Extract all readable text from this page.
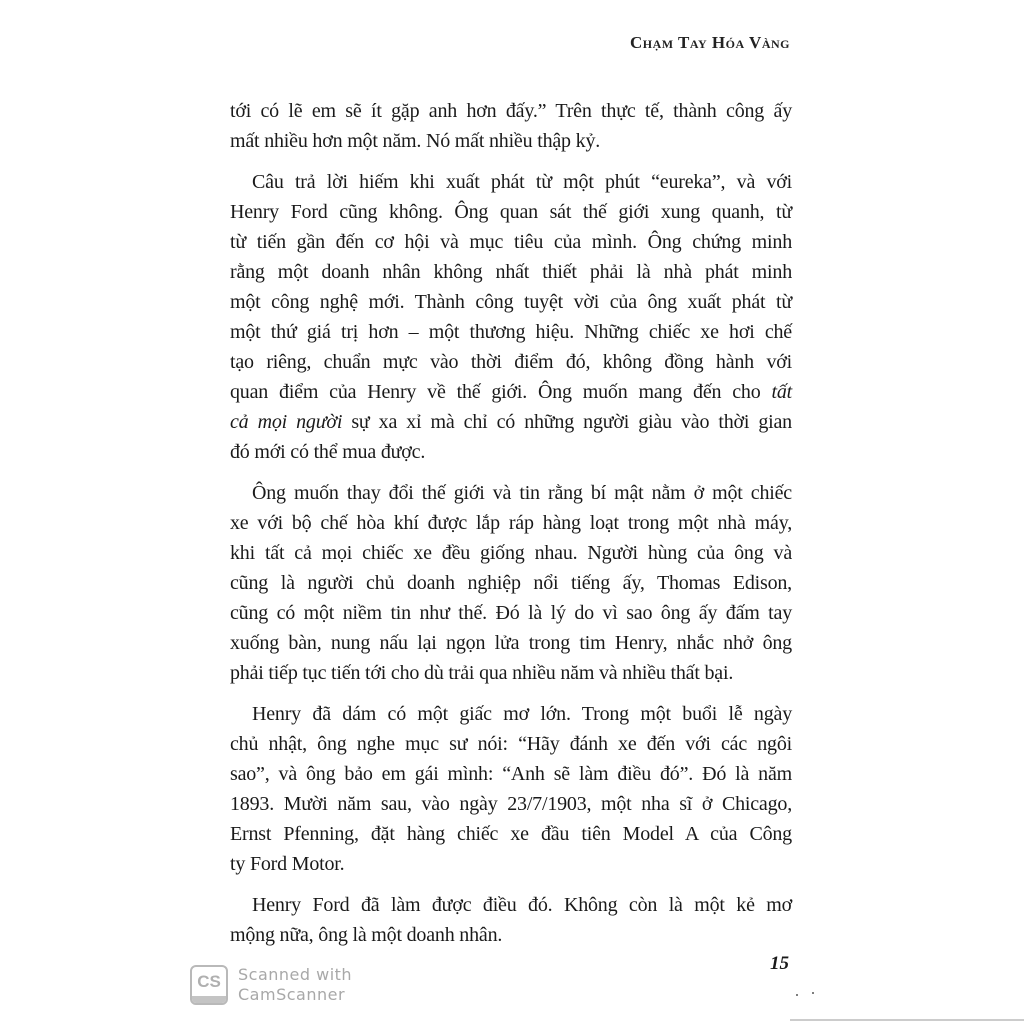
Chạm Tay Hóa Vàng
tới có lẽ em sẽ ít gặp anh hơn đấy.” Trên thực tế, thành công ấy
mất nhiều hơn một năm. Nó mất nhiều thập kỷ.
Câu trả lời hiếm khi xuất phát từ một phút “eureka”, và với
Henry Ford cũng không. Ông quan sát thế giới xung quanh, từ
từ tiến gần đến cơ hội và mục tiêu của mình. Ông chứng minh
rằng một doanh nhân không nhất thiết phải là nhà phát minh
một công nghệ mới. Thành công tuyệt vời của ông xuất phát từ
một thứ giá trị hơn – một thương hiệu. Những chiếc xe hơi chế
tạo riêng, chuẩn mực vào thời điểm đó, không đồng hành với
quan điểm của Henry về thế giới. Ông muốn mang đến cho tất
cả mọi người sự xa xỉ mà chỉ có những người giàu vào thời gian
đó mới có thể mua được.
Ông muốn thay đổi thế giới và tin rằng bí mật nằm ở một chiếc
xe với bộ chế hòa khí được lắp ráp hàng loạt trong một nhà máy,
khi tất cả mọi chiếc xe đều giống nhau. Người hùng của ông và
cũng là người chủ doanh nghiệp nổi tiếng ấy, Thomas Edison,
cũng có một niềm tin như thế. Đó là lý do vì sao ông ấy đấm tay
xuống bàn, nung nấu lại ngọn lửa trong tim Henry, nhắc nhở ông
phải tiếp tục tiến tới cho dù trải qua nhiều năm và nhiều thất bại.
Henry đã dám có một giấc mơ lớn. Trong một buổi lễ ngày
chủ nhật, ông nghe mục sư nói: “Hãy đánh xe đến với các ngôi
sao”, và ông bảo em gái mình: “Anh sẽ làm điều đó”. Đó là năm
1893. Mười năm sau, vào ngày 23/7/1903, một nha sĩ ở Chicago,
Ernst Pfenning, đặt hàng chiếc xe đầu tiên Model A của Công
ty Ford Motor.
Henry Ford đã làm được điều đó. Không còn là một kẻ mơ
mộng nữa, ông là một doanh nhân.
15
CS	Scanned with
CamScanner
